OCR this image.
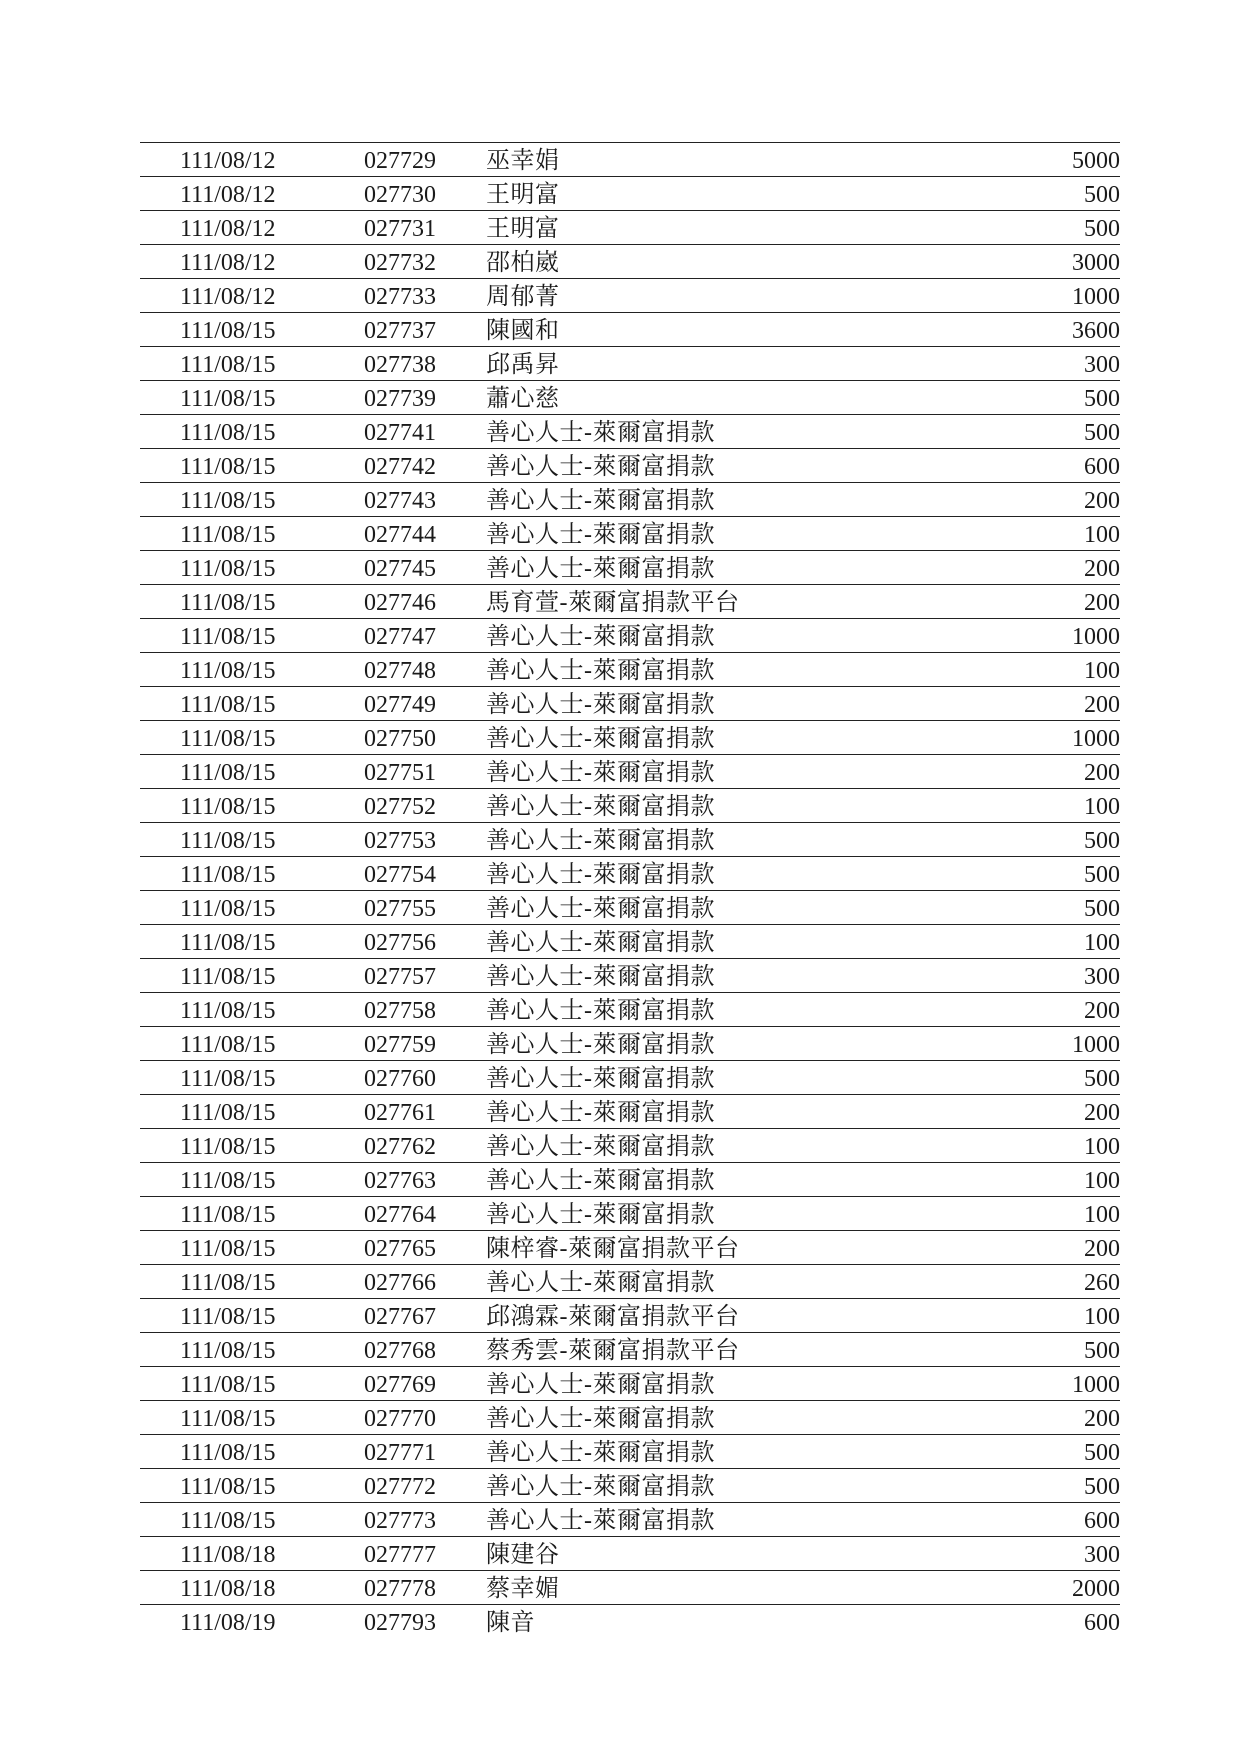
111/08/12	027729 巫幸娟	5000
111/08/12	027730 王明富	500
111/08/12	027731 王明富	500
111/08/12	027732 邵柏崴	3000
111/08/12	027733 周郁菁	1000
111/08/15	027737 陳國和	3600
111/08/15	027738 邱禹昇	300
111/08/15	027739 蕭心慈	500
111/08/15	027741 善心人士-萊爾富捐款	500
111/08/15	027742 善心人士-萊爾富捐款	600
111/08/15	027743 善心人士-萊爾富捐款	200
111/08/15	027744 善心人士-萊爾富捐款	100
111/08/15	027745 善心人士-萊爾富捐款	200
111/08/15	027746 馬育萱-萊爾富捐款平台	200
111/08/15	027747 善心人士-萊爾富捐款	1000
111/08/15	027748 善心人士-萊爾富捐款	100
111/08/15	027749 善心人士-萊爾富捐款	200
111/08/15	027750 善心人士-萊爾富捐款	1000
111/08/15	027751 善心人士-萊爾富捐款	200
111/08/15	027752 善心人士-萊爾富捐款	100
111/08/15	027753 善心人士-萊爾富捐款	500
111/08/15	027754 善心人士-萊爾富捐款	500
111/08/15	027755 善心人士-萊爾富捐款	500
111/08/15	027756 善心人士-萊爾富捐款	100
111/08/15	027757 善心人士-萊爾富捐款	300
111/08/15	027758 善心人士-萊爾富捐款	200
111/08/15	027759 善心人士-萊爾富捐款	1000
111/08/15	027760 善心人士-萊爾富捐款	500
111/08/15	027761 善心人士-萊爾富捐款	200
111/08/15	027762 善心人士-萊爾富捐款	100
111/08/15	027763 善心人士-萊爾富捐款	100
111/08/15	027764 善心人士-萊爾富捐款	100
111/08/15	027765 陳梓睿-萊爾富捐款平台	200
111/08/15	027766 善心人士-萊爾富捐款	260
111/08/15	027767 邱鴻霖-萊爾富捐款平台	100
111/08/15	027768 蔡秀雲-萊爾富捐款平台	500
111/08/15	027769 善心人士-萊爾富捐款	1000
111/08/15	027770 善心人士-萊爾富捐款	200
111/08/15	027771 善心人士-萊爾富捐款	500
111/08/15	027772 善心人士-萊爾富捐款	500
111/08/15	027773 善心人士-萊爾富捐款	600
111/08/18	027777 陳建谷	300
111/08/18	027778 蔡幸媚	2000
111/08/19	027793 陳音	600
